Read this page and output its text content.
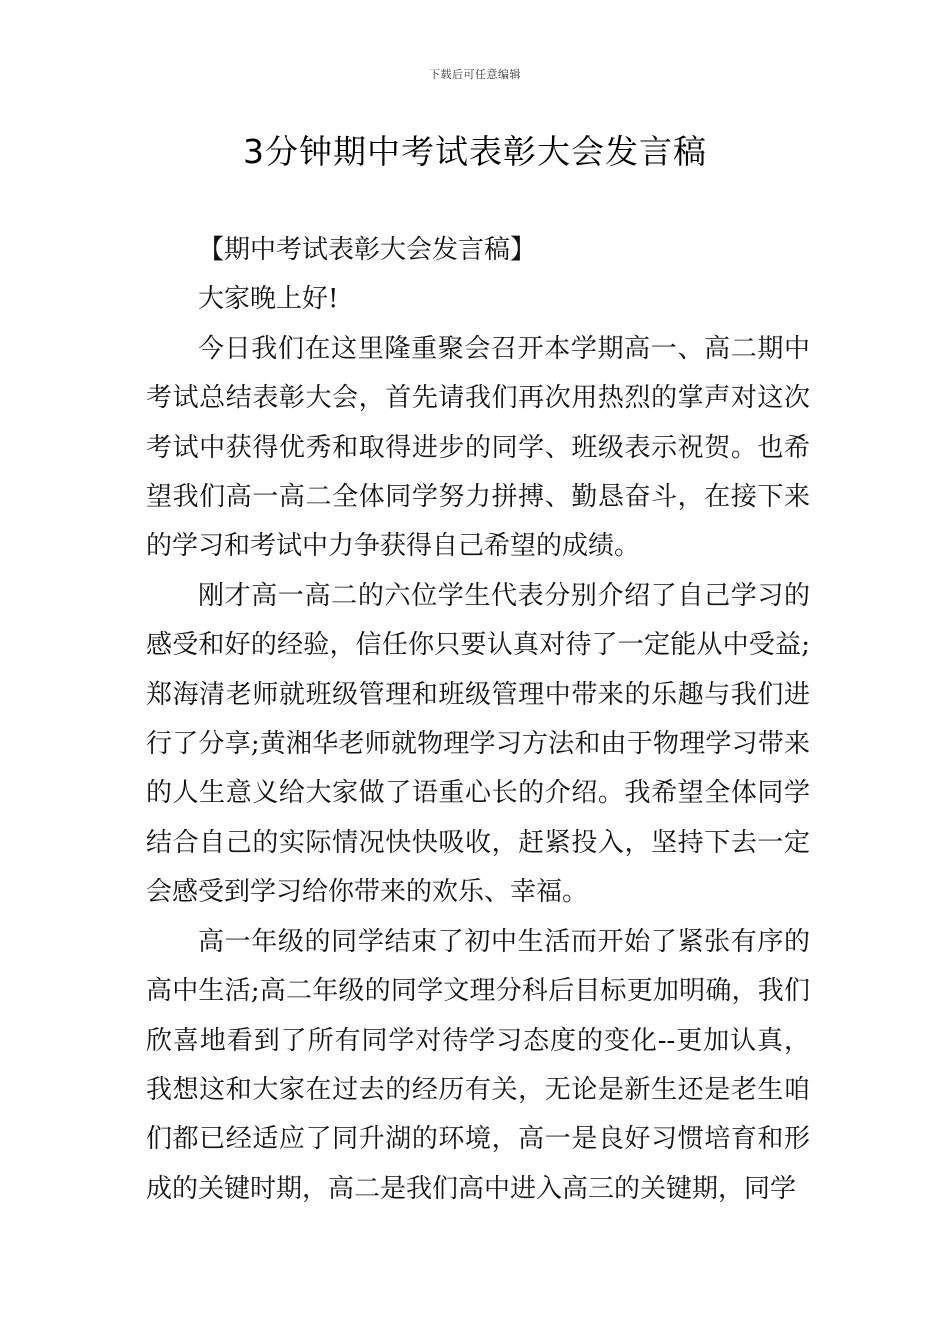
下载后可任意编辑
3分钟期中考试表彰大会发言稿

【期中考试表彰大会发言稿】

大家晚上好!

今日我们在这里隆重聚会召开本学期高一、高二期中考试总结表彰大会，首先请我们再次用热烈的掌声对这次考试中获得优秀和取得进步的同学、班级表示祝贺。也希望我们高一高二全体同学努力拼搏、勤恳奋斗，在接下来的学习和考试中力争获得自己希望的成绩。

刚才高一高二的六位学生代表分别介绍了自己学习的感受和好的经验，信任你只要认真对待了一定能从中受益;郑海清老师就班级管理和班级管理中带来的乐趣与我们进行了分享;黄湘华老师就物理学习方法和由于物理学习带来的人生意义给大家做了语重心长的介绍。我希望全体同学结合自己的实际情况快快吸收，赶紧投入，坚持下去一定会感受到学习给你带来的欢乐、幸福。

高一年级的同学结束了初中生活而开始了紧张有序的高中生活;高二年级的同学文理分科后目标更加明确，我们欣喜地看到了所有同学对待学习态度的变化--更加认真，我想这和大家在过去的经历有关，无论是新生还是老生咱们都已经适应了同升湖的环境，高一是良好习惯培育和形成的关键时期，高二是我们高中进入高三的关键期，同学
